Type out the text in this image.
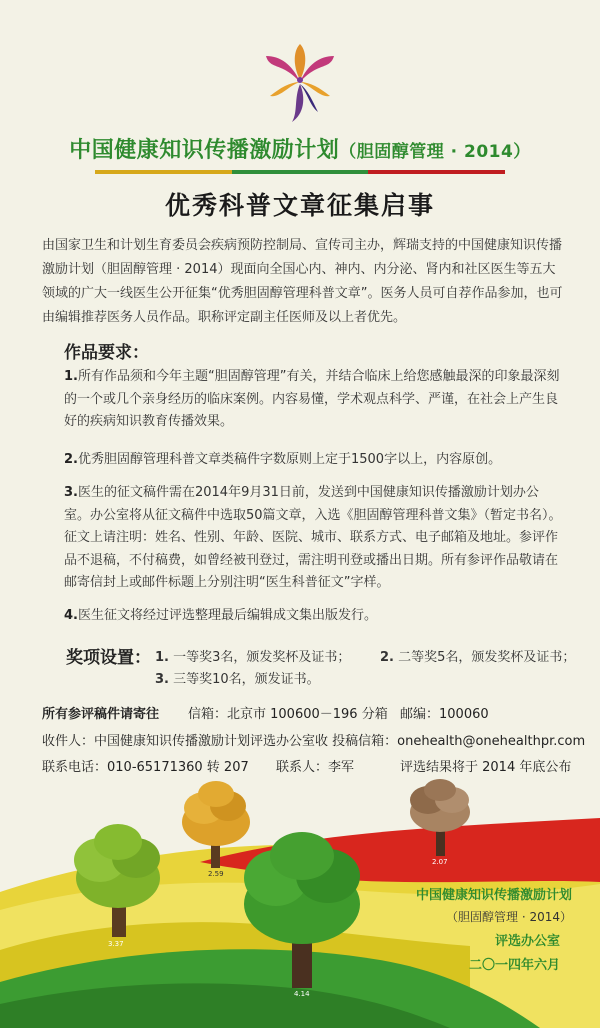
中国健康知识传播激励计划（胆固醇管理 · 2014）
优秀科普文章征集启事
由国家卫生和计划生育委员会疾病预防控制局、宣传司主办，辉瑞支持的中国健康知识传播激励计划（胆固醇管理 · 2014）现面向全国心内、神内、内分泌、肾内和社区医生等五大领域的广大一线医生公开征集“优秀胆固醇管理科普文章”。医务人员可自荐作品参加，也可由编辑推荐医务人员作品。职称评定副主任医师及以上者优先。
作品要求：
1.所有作品须和今年主题“胆固醇管理”有关，并结合临床上给您感触最深的印象最深刻的一个或几个亲身经历的临床案例。内容易懂，学术观点科学、严谨，在社会上产生良好的疾病知识教育传播效果。
2.优秀胆固醇管理科普文章类稿件字数原则上定于1500字以上，内容原创。
3.医生的征文稿件需在2014年9月31日前，发送到中国健康知识传播激励计划办公室。办公室将从征文稿件中选取50篇文章，入选《胆固醇管理科普文集》（暂定书名）。征文上请注明：姓名、性别、年龄、医院、城市、联系方式、电子邮箱及地址。参评作品不退稿，不付稿费，如曾经被刊登过，需注明刊登或播出日期。所有参评作品敬请在邮寄信封上或邮件标题上分别注明“医生科普征文”字样。
4.医生征文将经过评选整理最后编辑成文集出版发行。
奖项设置： 1. 一等奖3名，颁发奖杯及证书； 2. 二等奖5名，颁发奖杯及证书；
3. 三等奖10名，颁发证书。
所有参评稿件请寄往 信箱：北京市 100600－196 分箱 邮编：100060
收件人：中国健康知识传播激励计划评选办公室收 投稿信箱：onehealth@onehealthpr.com
联系电话：010-65171360 转 207 联系人：李军	评选结果将于 2014 年底公布
3.37
2.59
4.14
2.07
中国健康知识传播激励计划
（胆固醇管理 · 2014）
评选办公室
二〇一四年六月
